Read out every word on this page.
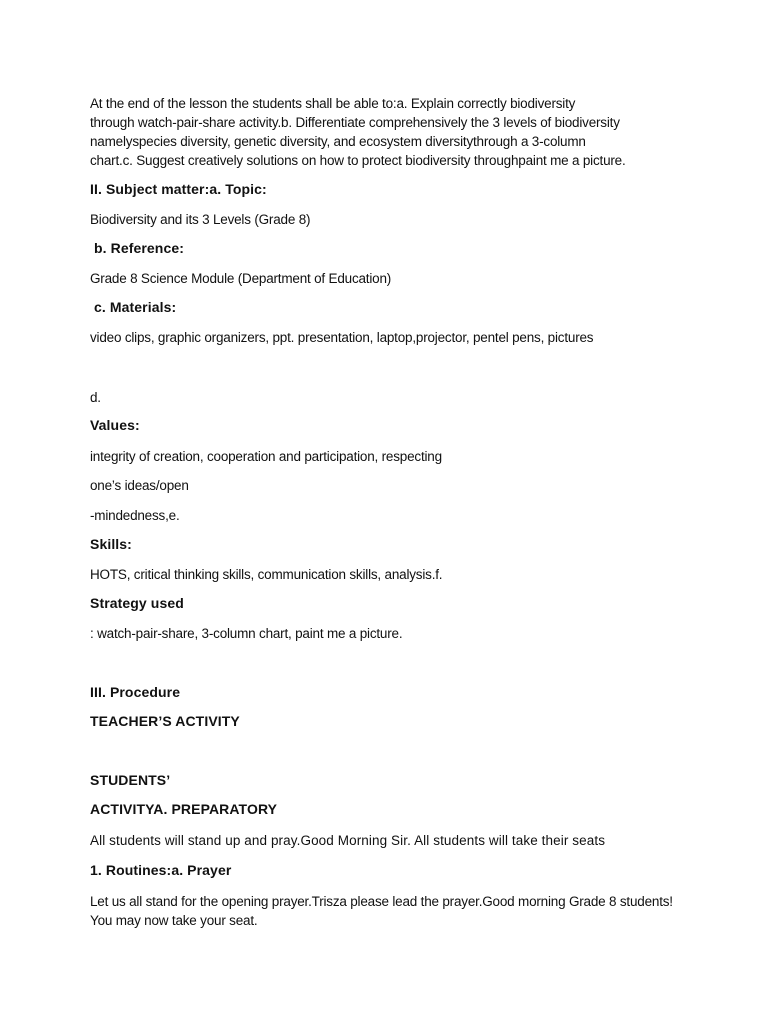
At the end of the lesson the students shall be able to:a. Explain correctly biodiversity
through watch-pair-share activity.b. Differentiate comprehensively the 3 levels of biodiversity
namelyspecies diversity, genetic diversity, and ecosystem diversitythrough a 3-column
chart.c. Suggest creatively solutions on how to protect biodiversity throughpaint me a picture.

II. Subject matter:a. Topic:

Biodiversity and its 3 Levels (Grade 8)

b. Reference:

Grade 8 Science Module (Department of Education)

c. Materials:

video clips, graphic organizers, ppt. presentation, laptop,projector, pentel pens, pictures

d.

Values:

integrity of creation, cooperation and participation, respecting

one’s ideas/open

-mindedness,e.

Skills:

HOTS, critical thinking skills, communication skills, analysis.f.

Strategy used

: watch-pair-share, 3-column chart, paint me a picture.

III. Procedure

TEACHER’S ACTIVITY

STUDENTS’

ACTIVITYA. PREPARATORY

All students will stand up and pray.Good Morning Sir. All students will take their seats

1. Routines:a. Prayer

Let us all stand for the opening prayer.Trisza please lead the prayer.Good morning Grade 8 students!
You may now take your seat.
